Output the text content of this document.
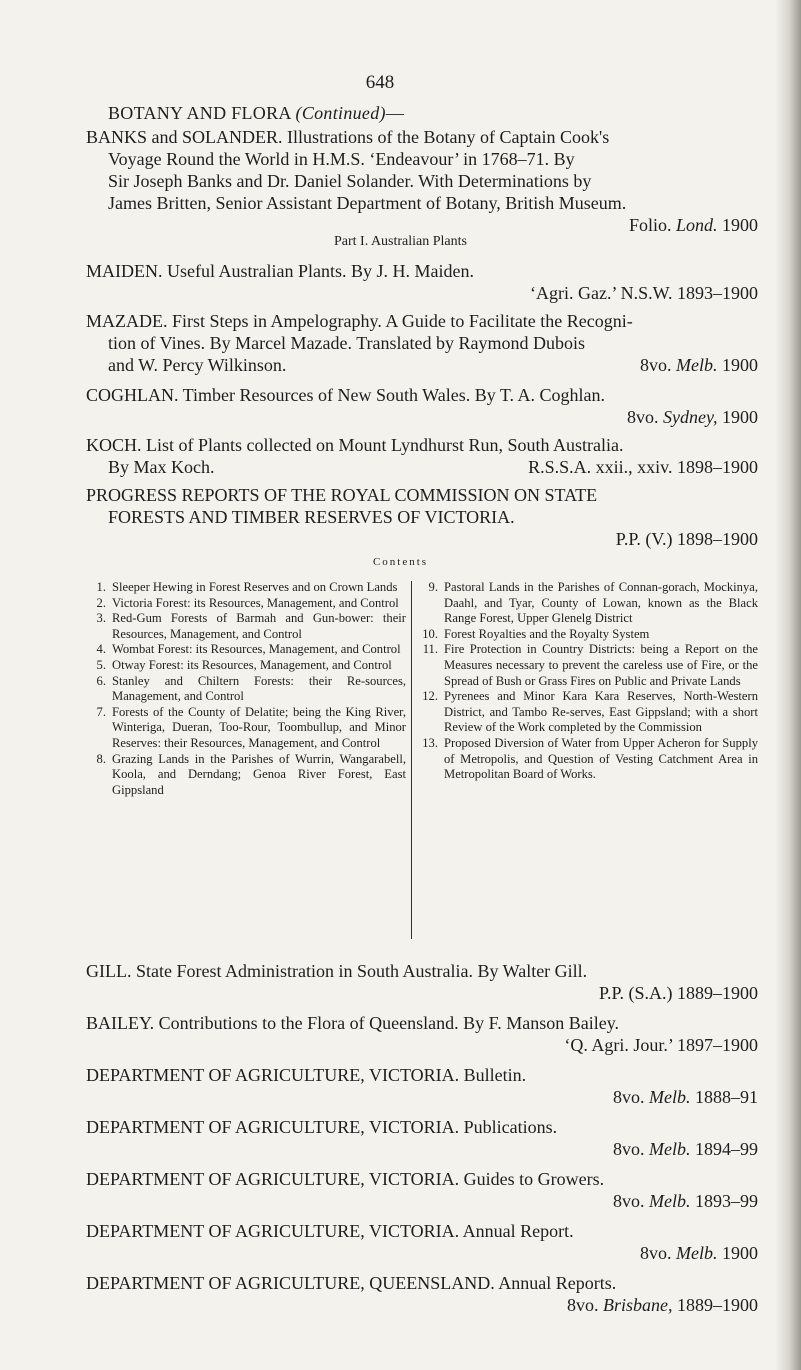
648
BOTANY AND FLORA (Continued)—
BANKS and SOLANDER. Illustrations of the Botany of Captain Cook's
Voyage Round the World in H.M.S. ‘Endeavour’ in 1768–71. By
Sir Joseph Banks and Dr. Daniel Solander. With Determinations by
James Britten, Senior Assistant Department of Botany, British Museum.
Folio. Lond. 1900
Part I. Australian Plants
MAIDEN. Useful Australian Plants. By J. H. Maiden.
‘Agri. Gaz.’ N.S.W. 1893–1900
MAZADE. First Steps in Ampelography. A Guide to Facilitate the Recogni-
tion of Vines. By Marcel Mazade. Translated by Raymond Dubois
and W. Percy Wilkinson.	8vo. Melb. 1900
COGHLAN. Timber Resources of New South Wales. By T. A. Coghlan.
8vo. Sydney, 1900
KOCH. List of Plants collected on Mount Lyndhurst Run, South Australia.
By Max Koch.	R.S.S.A. xxii., xxiv. 1898–1900
PROGRESS REPORTS OF THE ROYAL COMMISSION ON STATE
FORESTS AND TIMBER RESERVES OF VICTORIA.
P.P. (V.) 1898–1900
Contents
1. Sleeper Hewing in Forest Reserves and on Crown Lands
2. Victoria Forest: its Resources, Management, and Control
3. Red-Gum Forests of Barmah and Gun-bower: their Resources, Management, and Control
4. Wombat Forest: its Resources, Management, and Control
5. Otway Forest: its Resources, Management, and Control
6. Stanley and Chiltern Forests: their Re-sources, Management, and Control
7. Forests of the County of Delatite; being the King River, Winteriga, Dueran, Too-Rour, Toombullup, and Minor Reserves: their Resources, Management, and Control
8. Grazing Lands in the Parishes of Wurrin, Wangarabell, Koola, and Derndang; Genoa River Forest, East Gippsland
9. Pastoral Lands in the Parishes of Connan-gorach, Mockinya, Daahl, and Tyar, County of Lowan, known as the Black Range Forest, Upper Glenelg District
10. Forest Royalties and the Royalty System
11. Fire Protection in Country Districts: being a Report on the Measures necessary to prevent the careless use of Fire, or the Spread of Bush or Grass Fires on Public and Private Lands
12. Pyrenees and Minor Kara Kara Reserves, North-Western District, and Tambo Re-serves, East Gippsland; with a short Review of the Work completed by the Commission
13. Proposed Diversion of Water from Upper Acheron for Supply of Metropolis, and Question of Vesting Catchment Area in Metropolitan Board of Works.
GILL. State Forest Administration in South Australia. By Walter Gill.
P.P. (S.A.) 1889–1900
BAILEY. Contributions to the Flora of Queensland. By F. Manson Bailey.
‘Q. Agri. Jour.’ 1897–1900
DEPARTMENT OF AGRICULTURE, VICTORIA. Bulletin.
8vo. Melb. 1888–91
DEPARTMENT OF AGRICULTURE, VICTORIA. Publications.
8vo. Melb. 1894–99
DEPARTMENT OF AGRICULTURE, VICTORIA. Guides to Growers.
8vo. Melb. 1893–99
DEPARTMENT OF AGRICULTURE, VICTORIA. Annual Report.
8vo. Melb. 1900
DEPARTMENT OF AGRICULTURE, QUEENSLAND. Annual Reports.
8vo. Brisbane, 1889–1900
